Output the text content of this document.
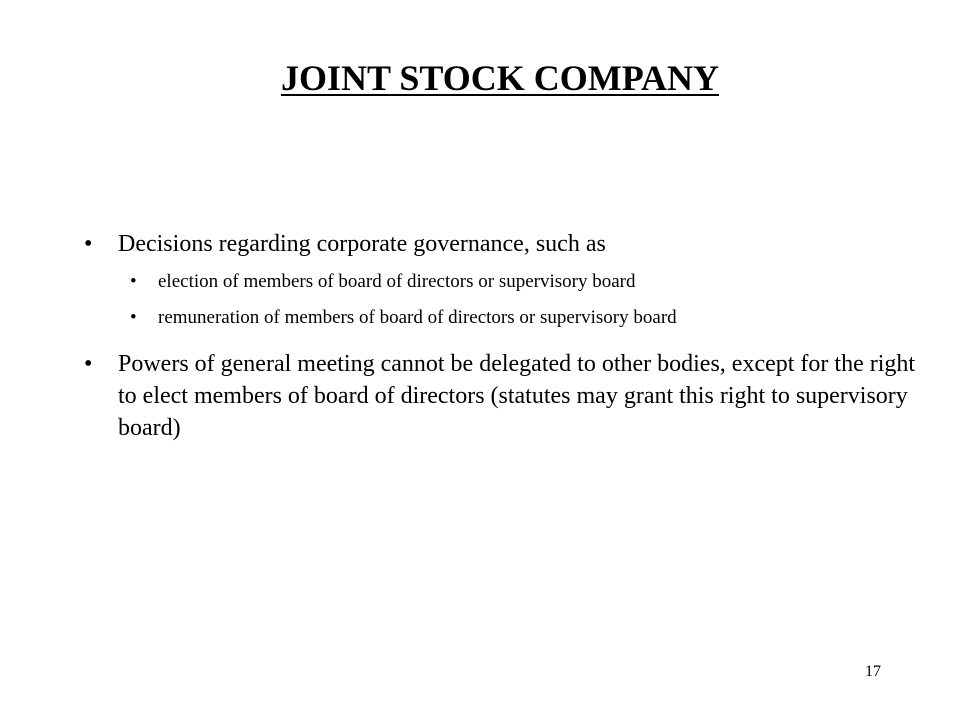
JOINT STOCK COMPANY
• Decisions regarding corporate governance, such as
• election of members of board of directors or supervisory board
• remuneration of members of board of directors or supervisory board
• Powers of general meeting cannot be delegated to other bodies, except for the right to elect members of board of directors (statutes may grant this right to supervisory board)
17
